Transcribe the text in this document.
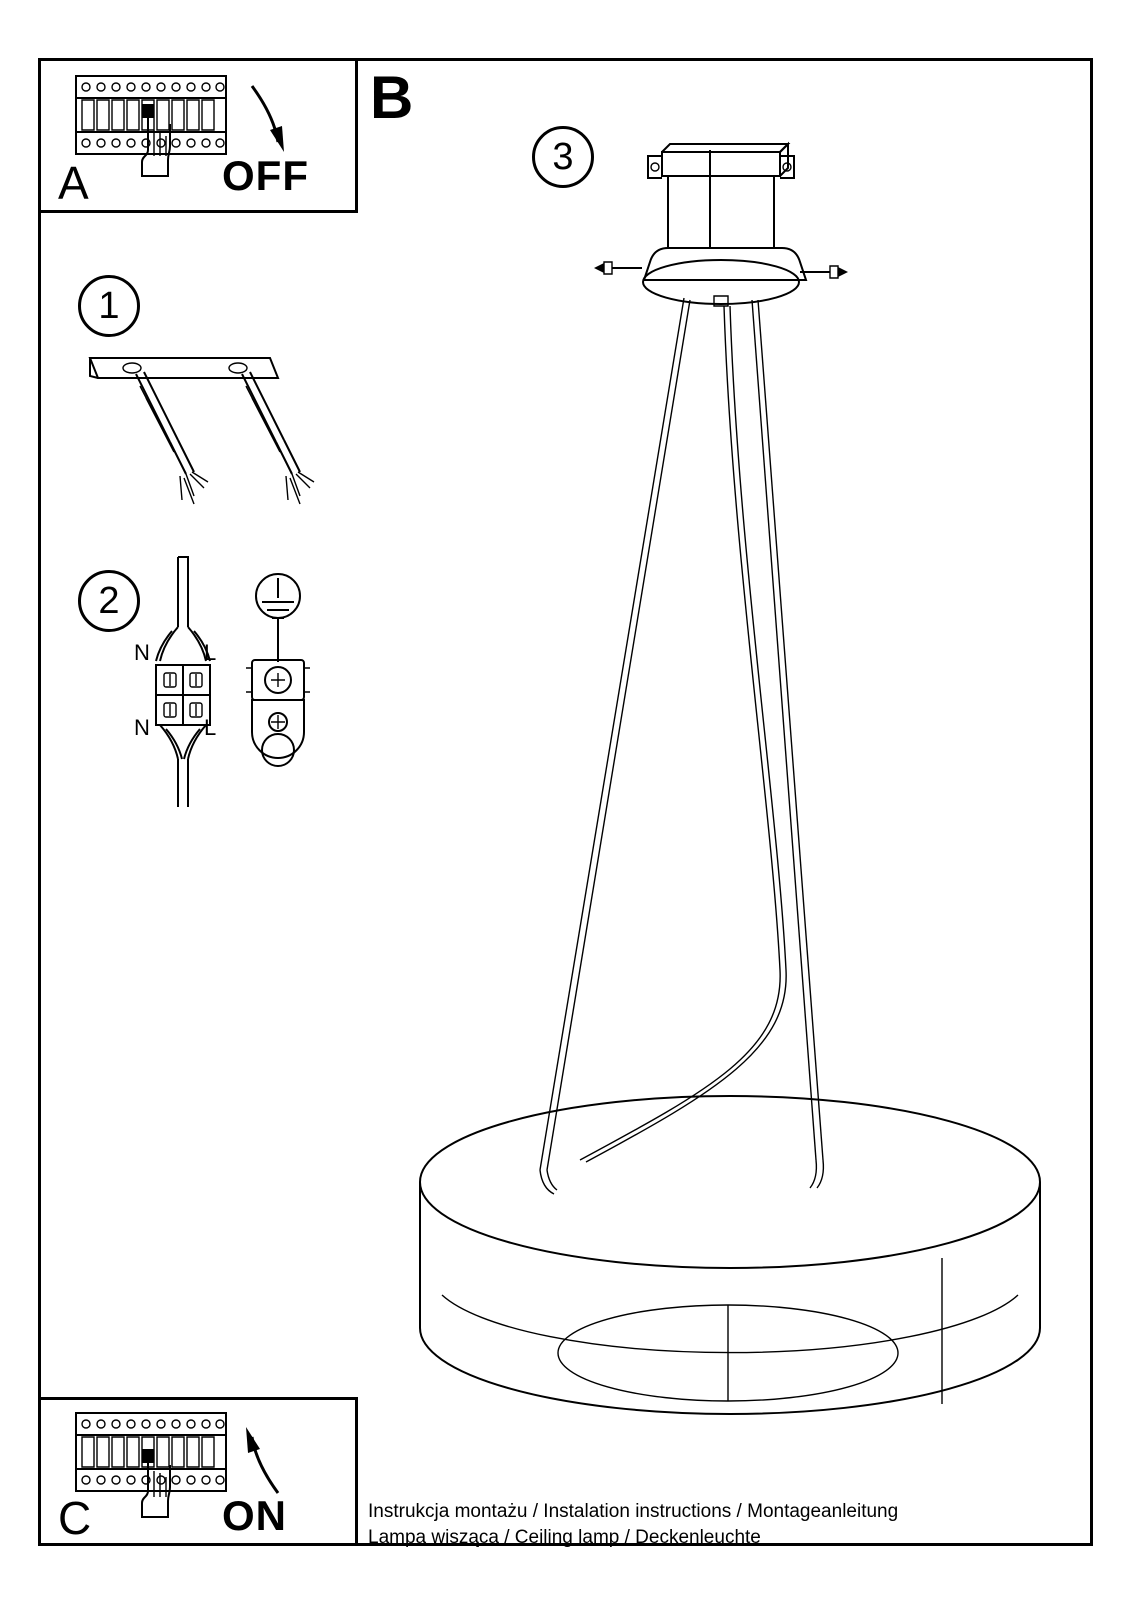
A	OFF
1
2
N L
N L
B
3
C	ON	Instrukcja montażu / Instalation instructions / Montageanleitung
Lampa wisząca / Ceiling lamp / Deckenleuchte
